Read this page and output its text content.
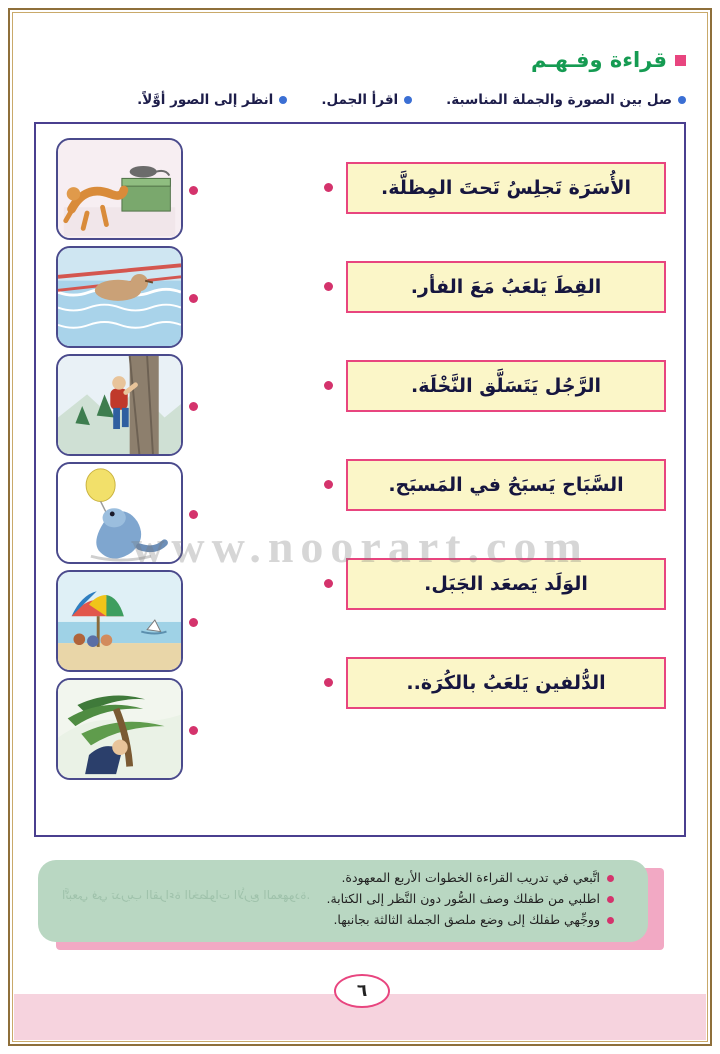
قراءة وفـهـم
صل بين الصورة والجملة المناسبة.
اقرأ الجمل.
انظر إلى الصور أوَّلاً.
الأُسَرَة تَجلِسُ تَحتَ المِظلَّة.
القِطَ يَلعَبُ مَعَ الفأر.
الرَّجُل يَتَسَلَّق النَّخْلَة.
السَّبَاح يَسبَحُ في المَسبَح.
الوَلَد يَصعَد الجَبَل.
الدُّلفين يَلعَبُ بالكُرَة..
www.noorart.com
اتَّبعي في تدريب القراءة الخطوات الأربع المعهودة.
اتَّبعي في تدريب القراءة الخطوات الأربع المعهودة.
اطلبي من طفلك وصف الصُّور دون النَّظر إلى الكتابة.
ووجِّهي طفلك إلى وضع ملصق الجملة الثالثة بجانبها.
٦
